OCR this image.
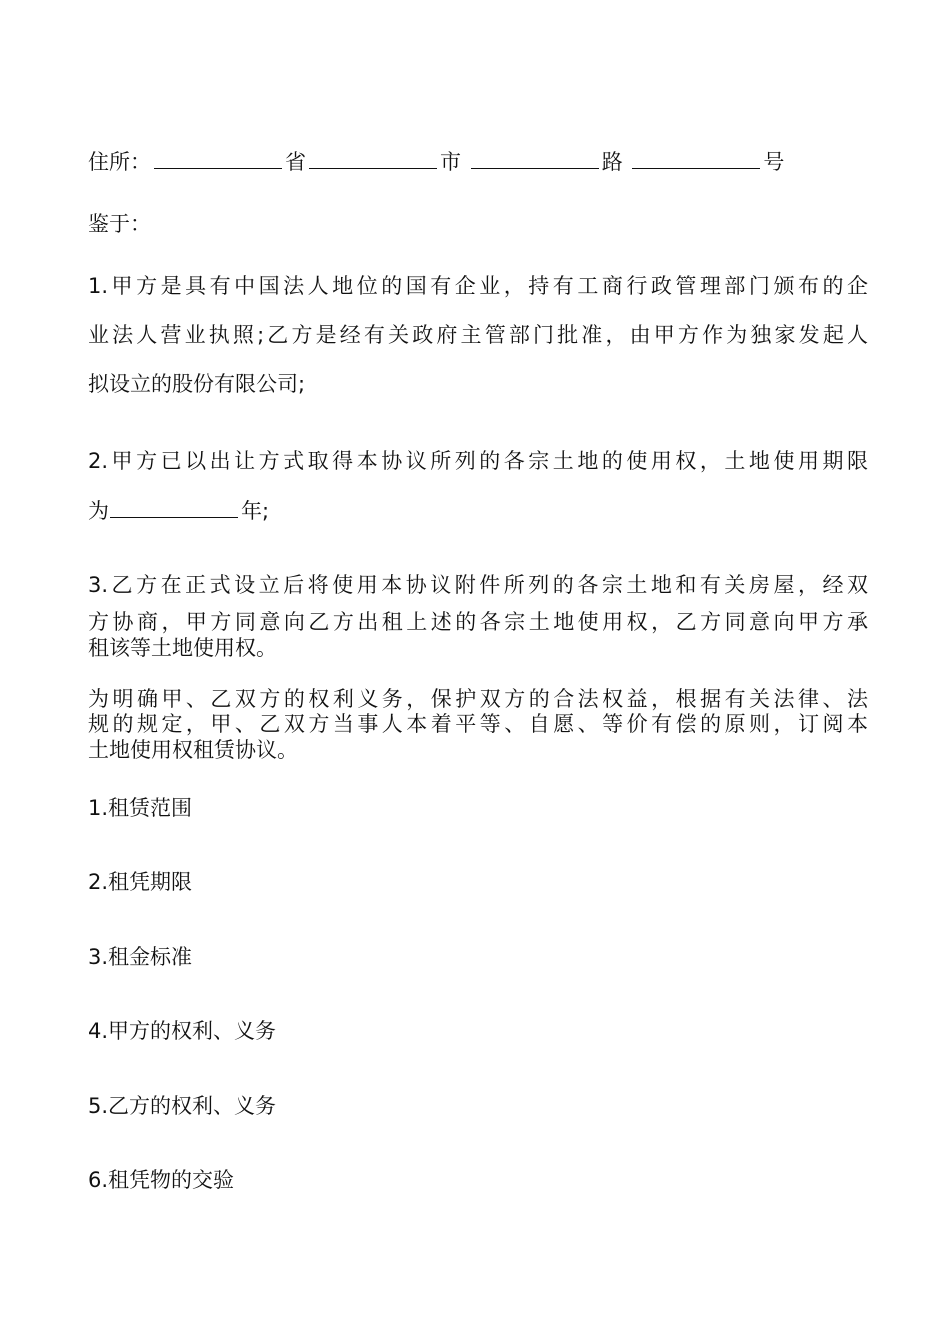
住所：	省	市	路	号
鉴于：
1.甲方是具有中国法人地位的国有企业，持有工商行政管理部门颁布的企
业法人营业执照;乙方是经有关政府主管部门批准，由甲方作为独家发起人
拟设立的股份有限公司;
2.甲方已以出让方式取得本协议所列的各宗土地的使用权，土地使用期限
为	年;
3.乙方在正式设立后将使用本协议附件所列的各宗土地和有关房屋，经双
方协商，甲方同意向乙方出租上述的各宗土地使用权，乙方同意向甲方承
租该等土地使用权。
为明确甲、乙双方的权利义务，保护双方的合法权益，根据有关法律、法
规的规定，甲、乙双方当事人本着平等、自愿、等价有偿的原则，订阅本
土地使用权租赁协议。
1.租赁范围
2.租凭期限
3.租金标准
4.甲方的权利、义务
5.乙方的权利、义务
6.租凭物的交验
